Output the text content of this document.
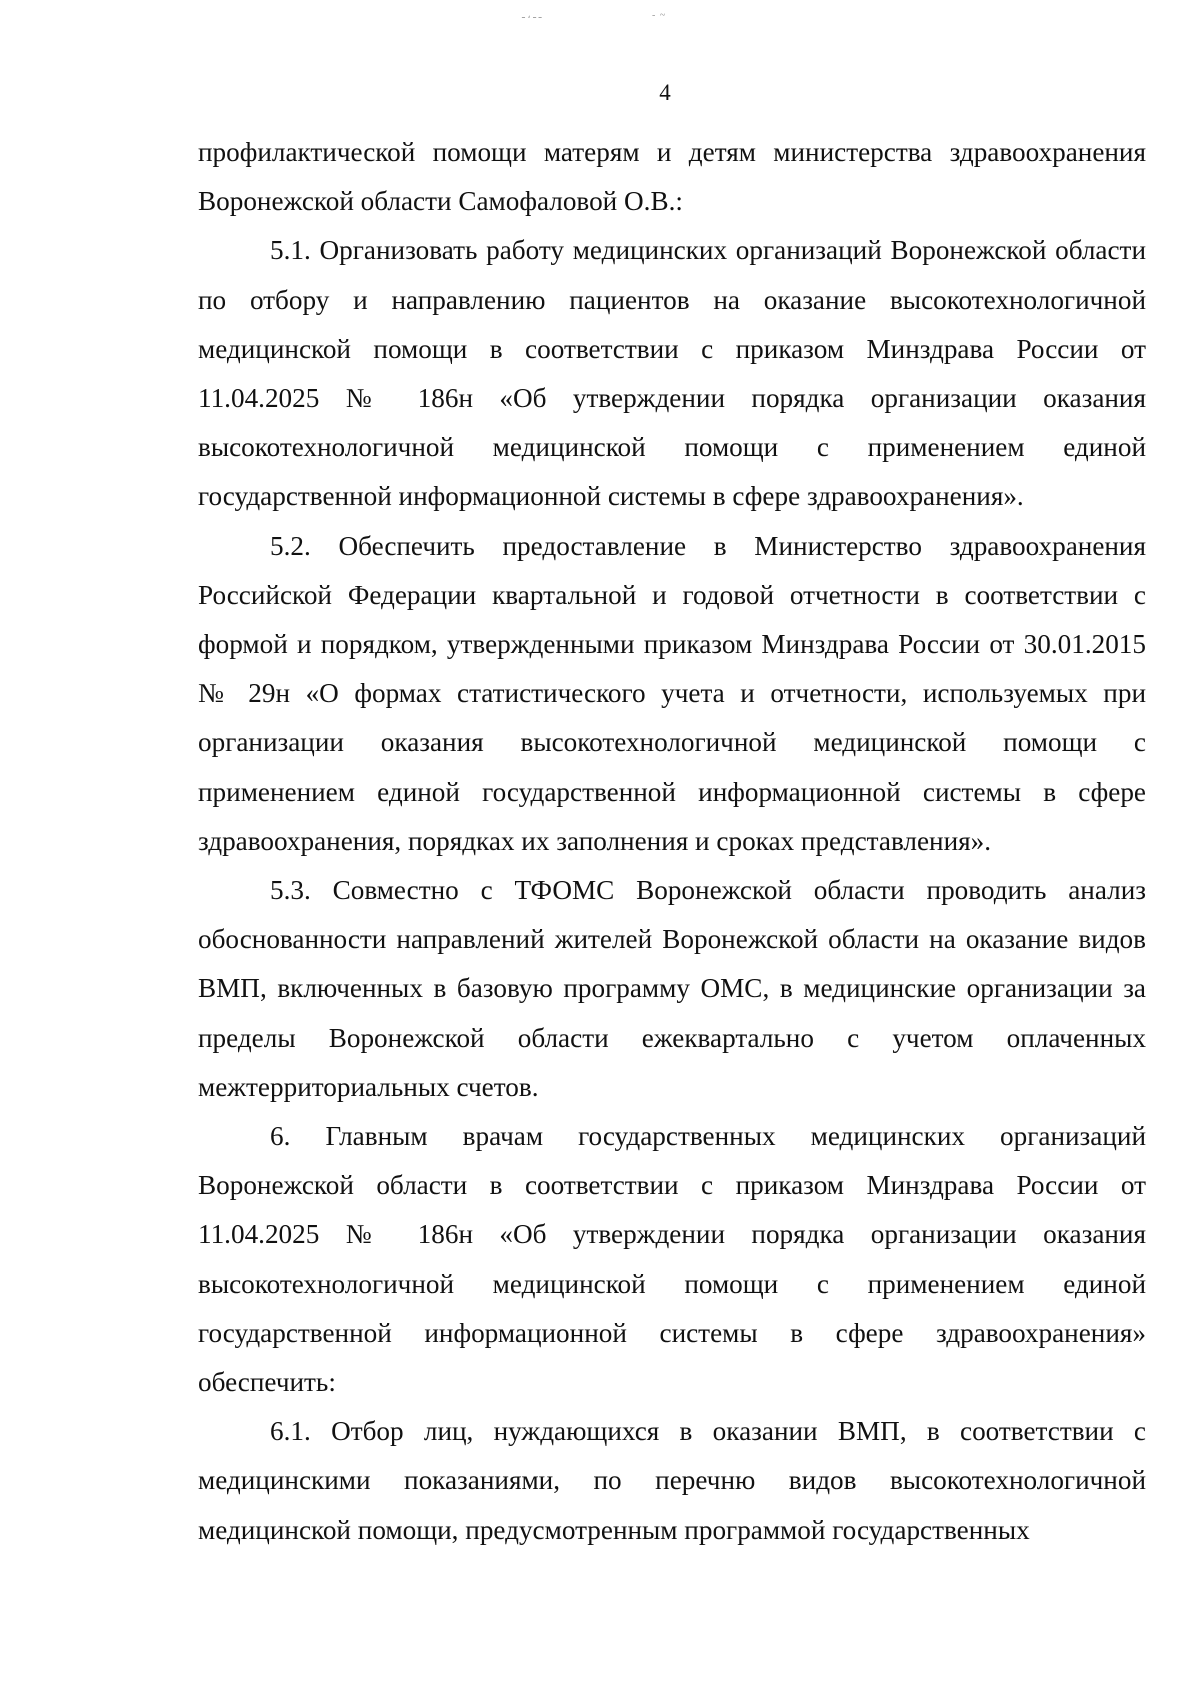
ـ ـ ، ـ	- ~
4

профилактической помощи матерям и детям министерства здравоохранения Воронежской области Самофаловой О.В.:

5.1. Организовать работу медицинских организаций Воронежской области по отбору и направлению пациентов на оказание высокотехнологичной медицинской помощи в соответствии с приказом Минздрава России от 11.04.2025 № 186н «Об утверждении порядка организации оказания высокотехнологичной медицинской помощи с применением единой государственной информационной системы в сфере здравоохранения».

5.2. Обеспечить предоставление в Министерство здравоохранения Российской Федерации квартальной и годовой отчетности в соответствии с формой и порядком, утвержденными приказом Минздрава России от 30.01.2015 № 29н «О формах статистического учета и отчетности, используемых при организации оказания высокотехнологичной медицинской помощи с применением единой государственной информационной системы в сфере здравоохранения, порядках их заполнения и сроках представления».

5.3. Совместно с ТФОМС Воронежской области проводить анализ обоснованности направлений жителей Воронежской области на оказание видов ВМП, включенных в базовую программу ОМС, в медицинские организации за пределы Воронежской области ежеквартально с учетом оплаченных межтерриториальных счетов.

6. Главным врачам государственных медицинских организаций Воронежской области в соответствии с приказом Минздрава России от 11.04.2025 № 186н «Об утверждении порядка организации оказания высокотехнологичной медицинской помощи с применением единой государственной информационной системы в сфере здравоохранения» обеспечить:

6.1. Отбор лиц, нуждающихся в оказании ВМП, в соответствии с медицинскими показаниями, по перечню видов высокотехнологичной медицинской помощи, предусмотренным программой государственных
